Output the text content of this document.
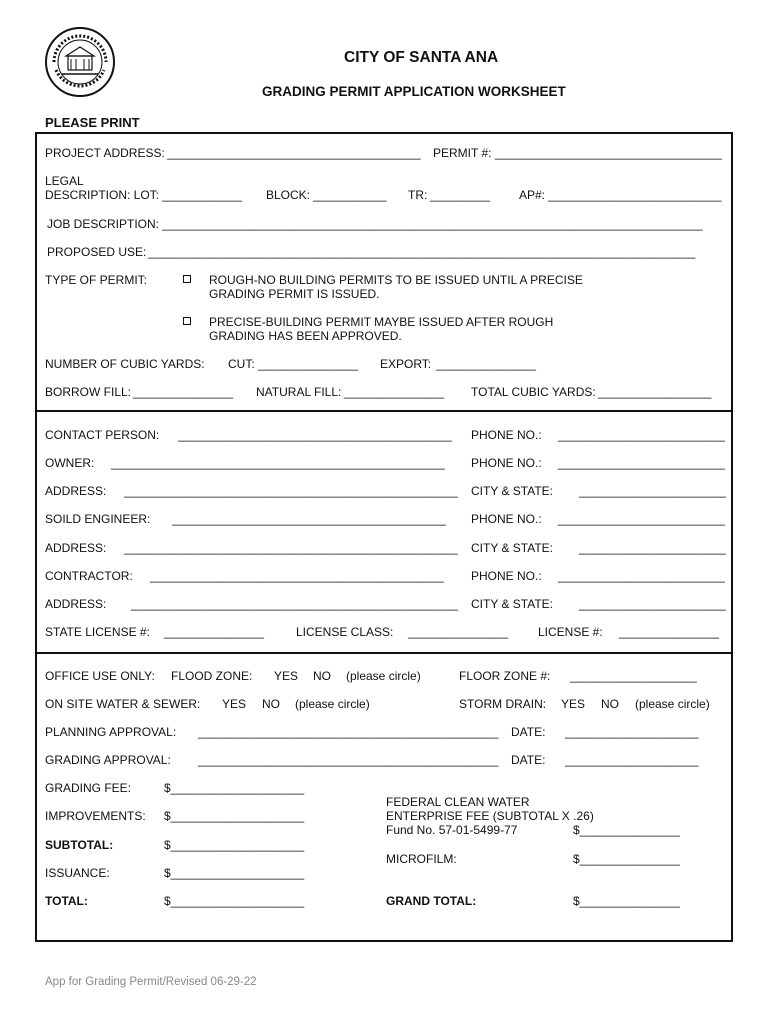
CITY OF SANTA ANA
GRADING PERMIT APPLICATION WORKSHEET
PLEASE PRINT
PROJECT ADDRESS: ______________________________________ PERMIT #: __________________________________
LEGAL
DESCRIPTION: LOT: ____________ BLOCK: ___________ TR: _________ AP#: __________________________
JOB DESCRIPTION: _________________________________________________________________________________
PROPOSED USE: __________________________________________________________________________________
TYPE OF PERMIT:	ROUGH-NO BUILDING PERMITS TO BE ISSUED UNTIL A PRECISE
GRADING PERMIT IS ISSUED.
PRECISE-BUILDING PERMIT MAYBE ISSUED AFTER ROUGH
GRADING HAS BEEN APPROVED.
NUMBER OF CUBIC YARDS: CUT: _______________ EXPORT: _______________
BORROW FILL: _______________ NATURAL FILL: _______________ TOTAL CUBIC YARDS: _________________
CONTACT PERSON: _________________________________________ PHONE NO.: _________________________
OWNER: __________________________________________________ PHONE NO.: _________________________
ADDRESS: __________________________________________________ CITY & STATE: ______________________
SOILD ENGINEER: _________________________________________ PHONE NO.: _________________________
ADDRESS: __________________________________________________ CITY & STATE: ______________________
CONTRACTOR: ____________________________________________ PHONE NO.: _________________________
ADDRESS: _________________________________________________ CITY & STATE: ______________________
STATE LICENSE #: _______________	LICENSE CLASS: _______________ LICENSE #: _______________
OFFICE USE ONLY: FLOOD ZONE: YES NO (please circle)	FLOOR ZONE #: ___________________
ON SITE WATER & SEWER: YES NO (please circle)	STORM DRAIN: YES NO (please circle)
PLANNING APPROVAL: _____________________________________________ DATE: ____________________
GRADING APPROVAL: _____________________________________________ DATE: ____________________
GRADING FEE:	$____________________
FEDERAL CLEAN WATER
ENTERPRISE FEE (SUBTOTAL X .26)
Fund No. 57-01-5499-77	$_______________
IMPROVEMENTS: $____________________
SUBTOTAL:	$____________________
MICROFILM:	$_______________
ISSUANCE:	$____________________
TOTAL:	$____________________	GRAND TOTAL:	$_______________
App for Grading Permit/Revised 06-29-22
